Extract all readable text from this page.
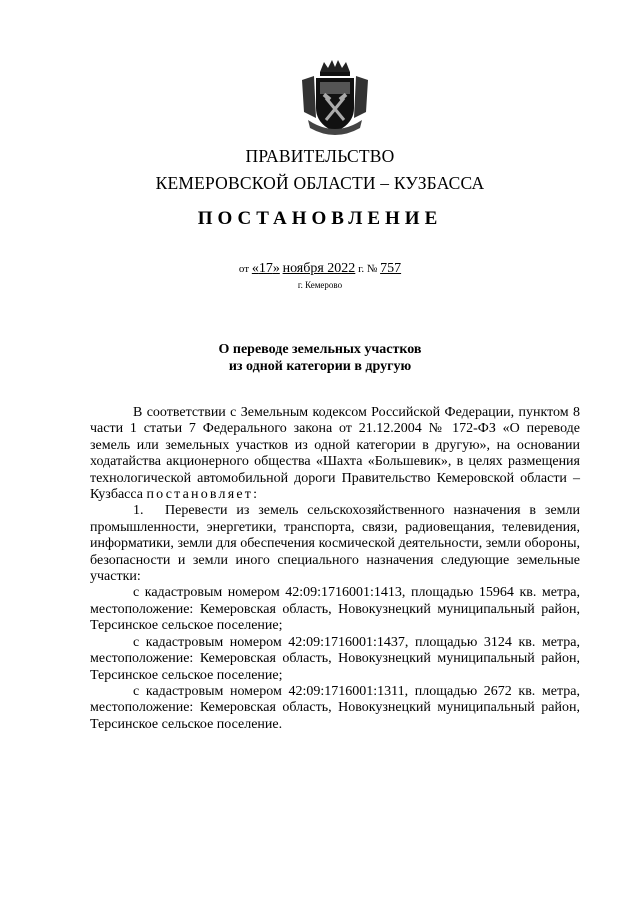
ПРАВИТЕЛЬСТВО
КЕМЕРОВСКОЙ ОБЛАСТИ – КУЗБАССА
ПОСТАНОВЛЕНИЕ
от «17» ноября 2022 г. № 757
г. Кемерово
О переводе земельных участков
из одной категории в другую

В соответствии с Земельным кодексом Российской Федерации, пунктом 8 части 1 статьи 7 Федерального закона от 21.12.2004 № 172-ФЗ «О переводе земель или земельных участков из одной категории в другую», на основании ходатайства акционерного общества «Шахта «Большевик», в целях размещения технологической автомобильной дороги Правительство Кемеровской области – Кузбасса постановляет:

1. Перевести из земель сельскохозяйственного назначения в земли промышленности, энергетики, транспорта, связи, радиовещания, телевидения, информатики, земли для обеспечения космической деятельности, земли обороны, безопасности и земли иного специального назначения следующие земельные участки:

с кадастровым номером 42:09:1716001:1413, площадью 15964 кв. метра, местоположение: Кемеровская область, Новокузнецкий муниципальный район, Терсинское сельское поселение;

с кадастровым номером 42:09:1716001:1437, площадью 3124 кв. метра, местоположение: Кемеровская область, Новокузнецкий муниципальный район, Терсинское сельское поселение;

с кадастровым номером 42:09:1716001:1311, площадью 2672 кв. метра, местоположение: Кемеровская область, Новокузнецкий муниципальный район, Терсинское сельское поселение.
